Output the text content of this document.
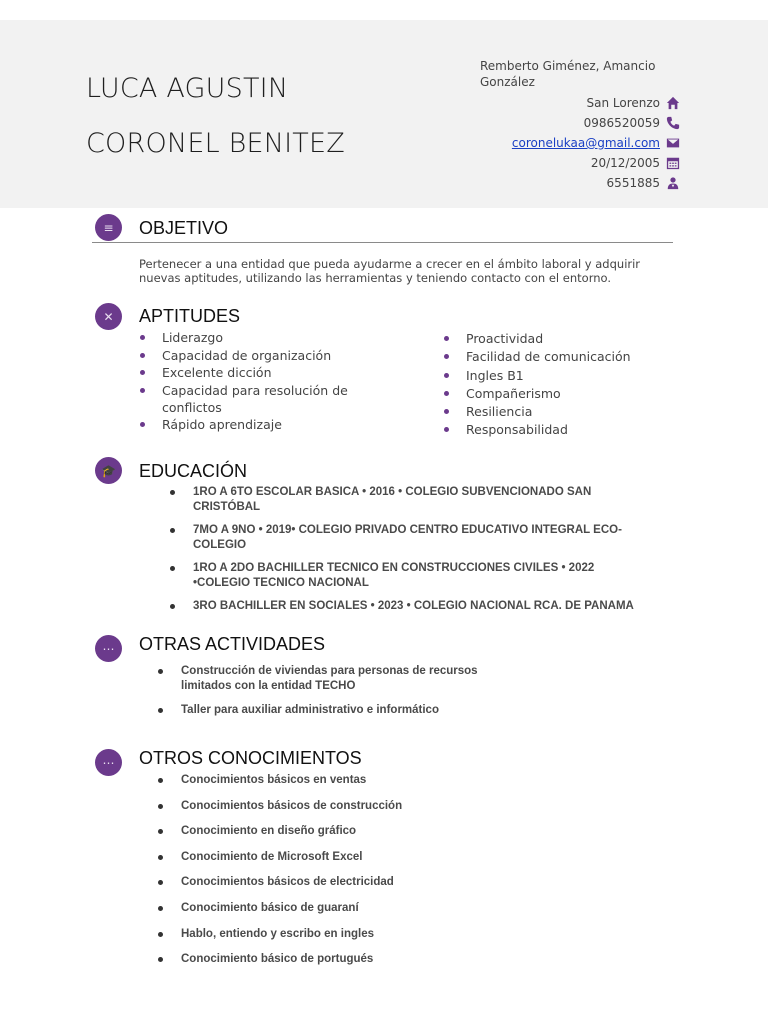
LUCA AGUSTIN
CORONEL BENITEZ
Remberto Giménez, Amancio González
San Lorenzo
0986520059
coronelukaa@gmail.com
20/12/2005
6551885
≡	OBJETIVO
Pertenecer a una entidad que pueda ayudarme a crecer en el ámbito laboral y adquirir nuevas aptitudes, utilizando las herramientas y teniendo contacto con el entorno.
✕	APTITUDES
Liderazgo
Capacidad de organización
Excelente dicción
Capacidad para resolución de conflictos
Rápido aprendizaje
Proactividad
Facilidad de comunicación
Ingles B1
Compañerismo
Resiliencia
Responsabilidad
🎓	EDUCACIÓN
1RO A 6TO ESCOLAR BASICA • 2016 • COLEGIO SUBVENCIONADO SAN CRISTÓBAL
7MO A 9NO • 2019• COLEGIO PRIVADO CENTRO EDUCATIVO INTEGRAL ECO-COLEGIO
1RO A 2DO BACHILLER TECNICO EN CONSTRUCCIONES CIVILES • 2022 •COLEGIO TECNICO NACIONAL
3RO BACHILLER EN SOCIALES • 2023 • COLEGIO NACIONAL RCA. DE PANAMA
⋯	OTRAS ACTIVIDADES
Construcción de viviendas para personas de recursos limitados con la entidad TECHO
Taller para auxiliar administrativo e informático
⋯	OTROS CONOCIMIENTOS
Conocimientos básicos en ventas
Conocimientos básicos de construcción
Conocimiento en diseño gráfico
Conocimiento de Microsoft Excel
Conocimientos básicos de electricidad
Conocimiento básico de guaraní
Hablo, entiendo y escribo en ingles
Conocimiento básico de portugués
